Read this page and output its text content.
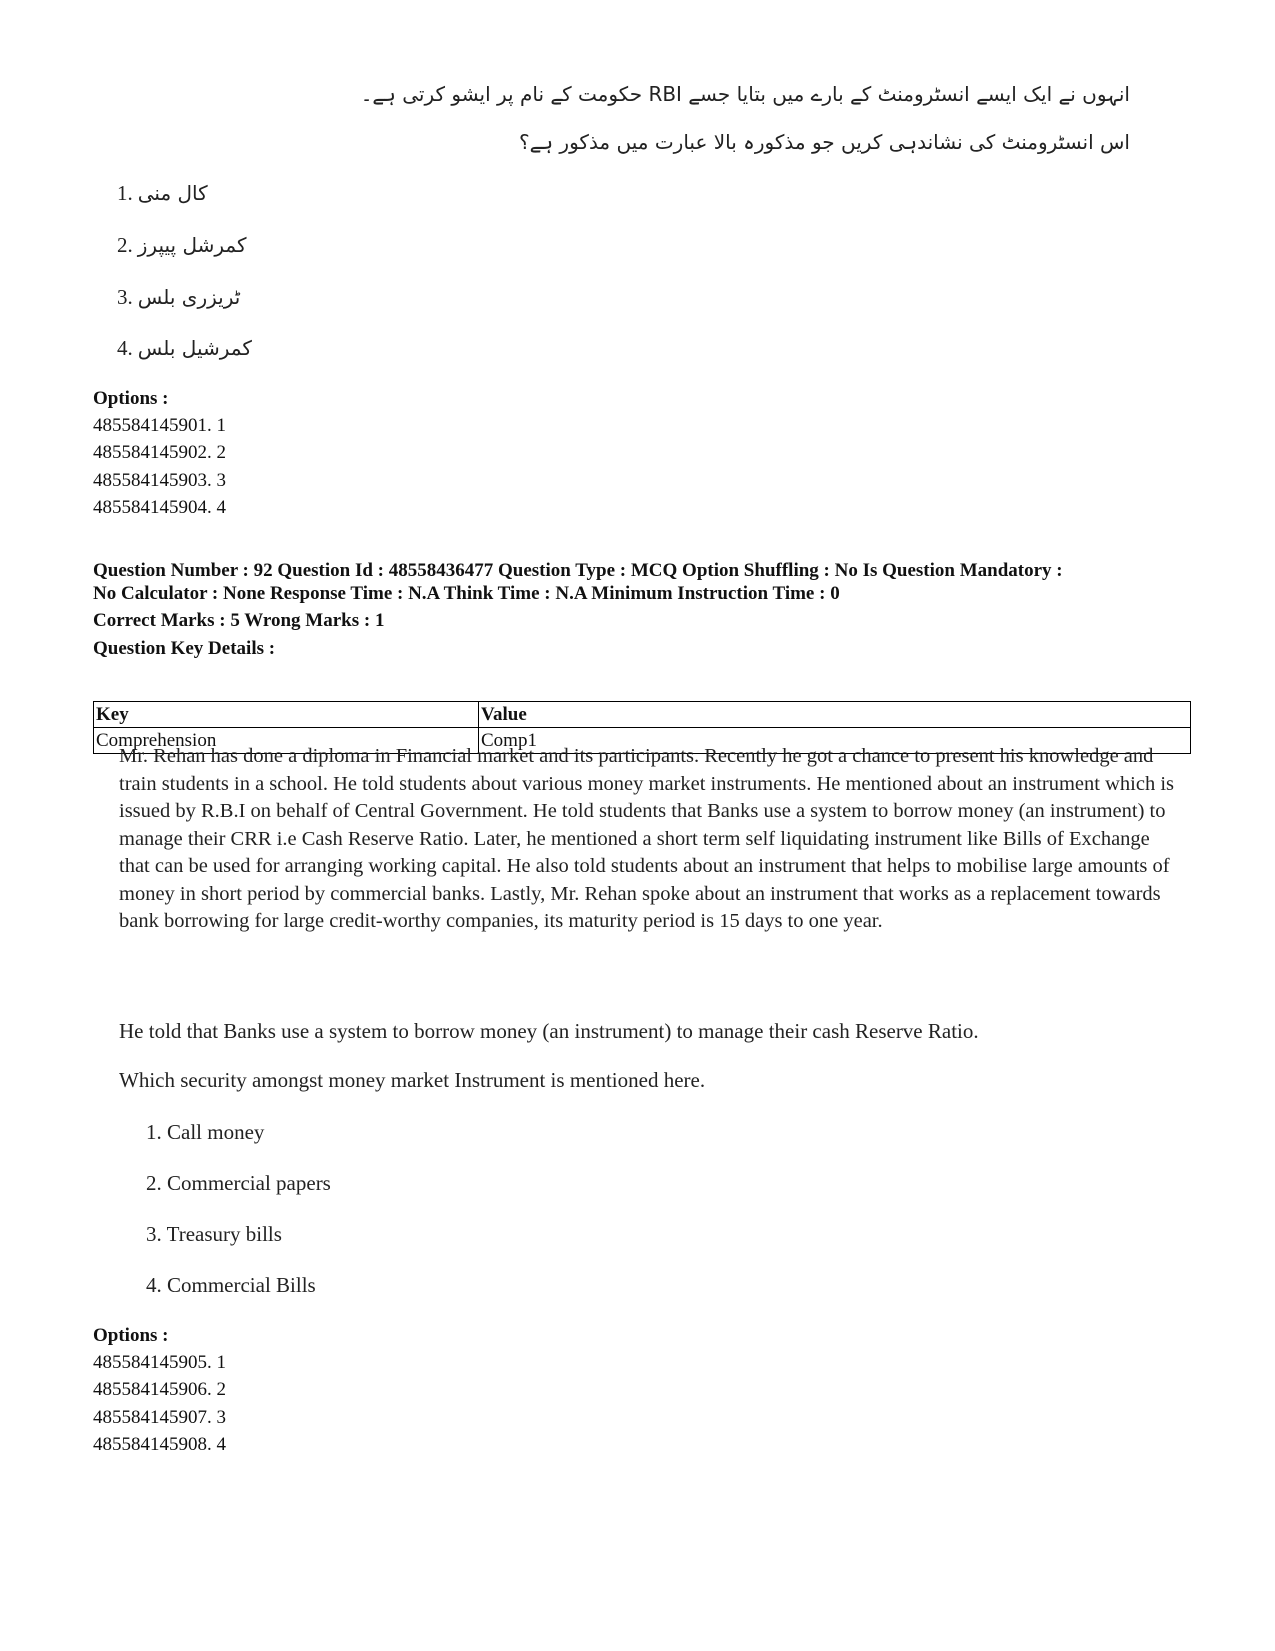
انہوں نے ایک ایسے انسٹرومنٹ کے بارے میں بتایا جسے RBI حکومت کے نام پر ایشو کرتی ہے۔
اس انسٹرومنٹ کی نشاندہی کریں جو مذکورہ بالا عبارت میں مذکور ہے؟
1. کال منی
2. کمرشل پیپرز
3. ٹریزری بلس
4. کمرشیل بلس
Options :
485584145901. 1
485584145902. 2
485584145903. 3
485584145904. 4
Question Number : 92 Question Id : 48558436477 Question Type : MCQ Option Shuffling : No Is Question Mandatory :
No Calculator : None Response Time : N.A Think Time : N.A Minimum Instruction Time : 0
Correct Marks : 5 Wrong Marks : 1
Question Key Details :
Key	Value
Comprehension	Comp1
Mr. Rehan has done a diploma in Financial market and its participants. Recently he got a chance to present his knowledge and train students in a school. He told students about various money market instruments. He mentioned about an instrument which is issued by R.B.I on behalf of Central Government. He told students that Banks use a system to borrow money (an instrument) to manage their CRR i.e Cash Reserve Ratio. Later, he mentioned a short term self liquidating instrument like Bills of Exchange that can be used for arranging working capital. He also told students about an instrument that helps to mobilise large amounts of money in short period by commercial banks. Lastly, Mr. Rehan spoke about an instrument that works as a replacement towards bank borrowing for large credit-worthy companies, its maturity period is 15 days to one year.
He told that Banks use a system to borrow money (an instrument) to manage their cash Reserve Ratio.
Which security amongst money market Instrument is mentioned here.
1. Call money
2. Commercial papers
3. Treasury bills
4. Commercial Bills
Options :
485584145905. 1
485584145906. 2
485584145907. 3
485584145908. 4
